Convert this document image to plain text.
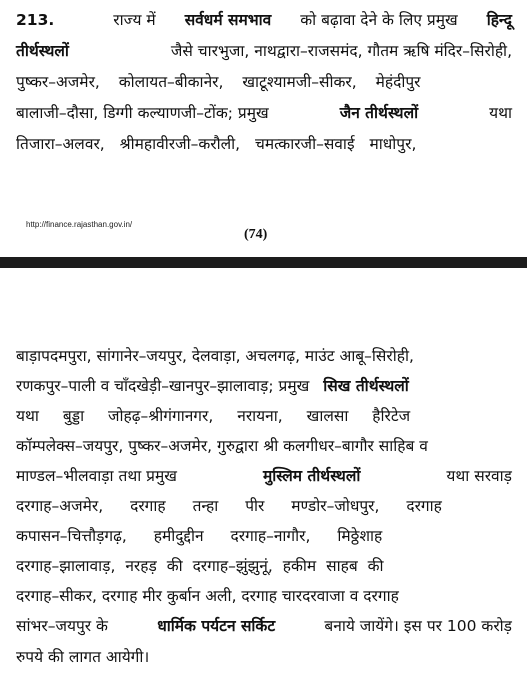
213.	राज्य में सर्वधर्म समभाव को बढ़ावा देने के लिए प्रमुख हिन्दू
तीर्थस्थलों	जैसे चारभुजा, नाथद्वारा–राजसमंद, गौतम ऋषि मंदिर–सिरोही,
पुष्कर–अजमेर, कोलायत–बीकानेर, खाटूश्यामजी–सीकर, मेहंदीपुर
बालाजी–दौसा, डिग्गी कल्याणजी–टोंक; प्रमुख	जैन तीर्थस्थलों	यथा
तिजारा–अलवर, श्रीमहावीरजी–करौली, चमत्कारजी–सवाई माधोपुर,
http://finance.rajasthan.gov.in/
(74)
बाड़ापदमपुरा, सांगानेर–जयपुर, देलवाड़ा, अचलगढ़, माउंट आबू–सिरोही,
रणकपुर–पाली व चाँदखेड़ी–खानपुर–झालावाड़; प्रमुख सिख तीर्थस्थलों
यथा बुड्डा जोहढ़–श्रीगंगानगर, नरायना, खालसा हैरिटेज
कॉम्पलेक्स–जयपुर, पुष्कर–अजमेर, गुरुद्वारा श्री कलगीधर–बागौर साहिब व
माण्डल–भीलवाड़ा तथा प्रमुख	मुस्लिम तीर्थस्थलों	यथा सरवाड़
दरगाह–अजमेर, दरगाह तन्हा पीर मण्डोर–जोधपुर, दरगाह
कपासन–चित्तौड़गढ़, हमीदुद्दीन दरगाह–नागौर, मिठ्ठेशाह
दरगाह–झालावाड़, नरहड़ की दरगाह–झुंझुनूं, हकीम साहब की
दरगाह–सीकर, दरगाह मीर कुर्बान अली, दरगाह चारदरवाजा व दरगाह
सांभर–जयपुर के	धार्मिक पर्यटन सर्किट	बनाये जायेंगे। इस पर 100 करोड़
रुपये की लागत आयेगी।
